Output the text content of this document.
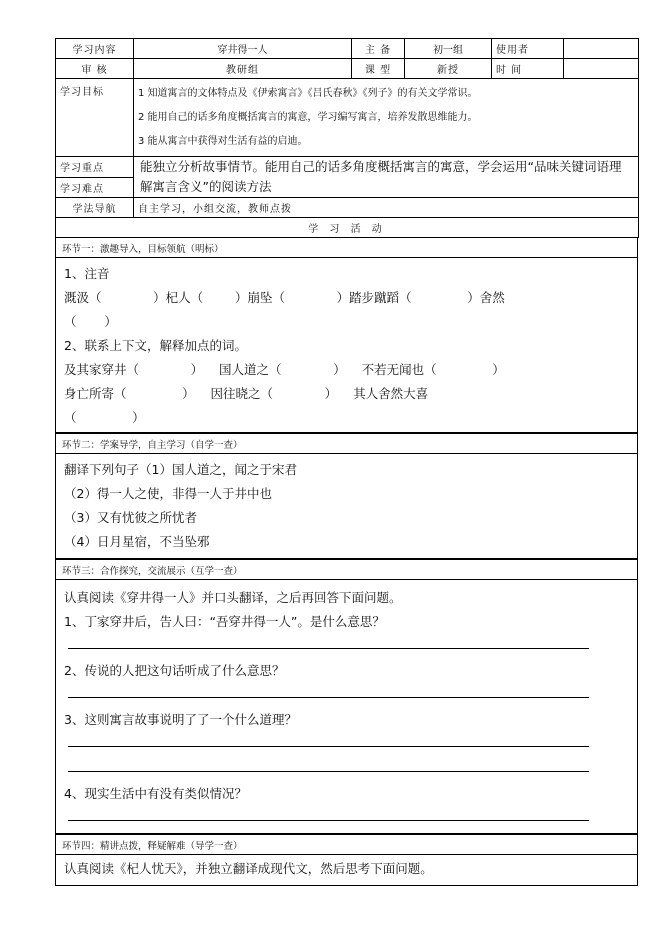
学习内容	穿井得一人	主 备	初一组	使用者	
审 核	教研组	课 型	新授	时 间	
学习目标	1 知道寓言的文体特点及《伊索寓言》《吕氏春秋》《列子》的有关文学常识。
2 能用自己的话多角度概括寓言的寓意，学习编写寓言，培养发散思维能力。
3 能从寓言中获得对生活有益的启迪。				

学习重点	能独立分析故事情节。能用自己的话多角度概括寓言的寓意，学会运用“品味关键词语理解寓言含义”的阅读方法				
学习难点					
学法导航	自主学习，小组交流，教师点拨				
学 习 活 动					
环节一：激趣导入，目标领航（明标）
1、注音
溉汲（             ）杞人（        ）崩坠（             ）踏步蹴蹈（              ）舍然
（       ）
2、联系上下文，解释加点的词。
及其家穿井（             ）    国人道之（             ）    不若无闻也（              ）
身亡所寄（              ）    因往晓之（             ）    其人舍然大喜
（              ）
环节二：学案导学，自主学习（自学一查）
翻译下列句子（1）国人道之，闻之于宋君
（2）得一人之使，非得一人于井中也
（3）又有忧彼之所忧者
（4）日月星宿，不当坠邪
环节三：合作探究，交流展示（互学一查）
认真阅读《穿井得一人》并口头翻译，之后再回答下面问题。
1、丁家穿井后，告人曰：“吾穿井得一人”。是什么意思？
2、传说的人把这句话听成了什么意思？
3、这则寓言故事说明了了一个什么道理？
4、现实生活中有没有类似情况？
环节四：精讲点拨，释疑解难（导学一查）
认真阅读《杞人忧天》，并独立翻译成现代文，然后思考下面问题。
